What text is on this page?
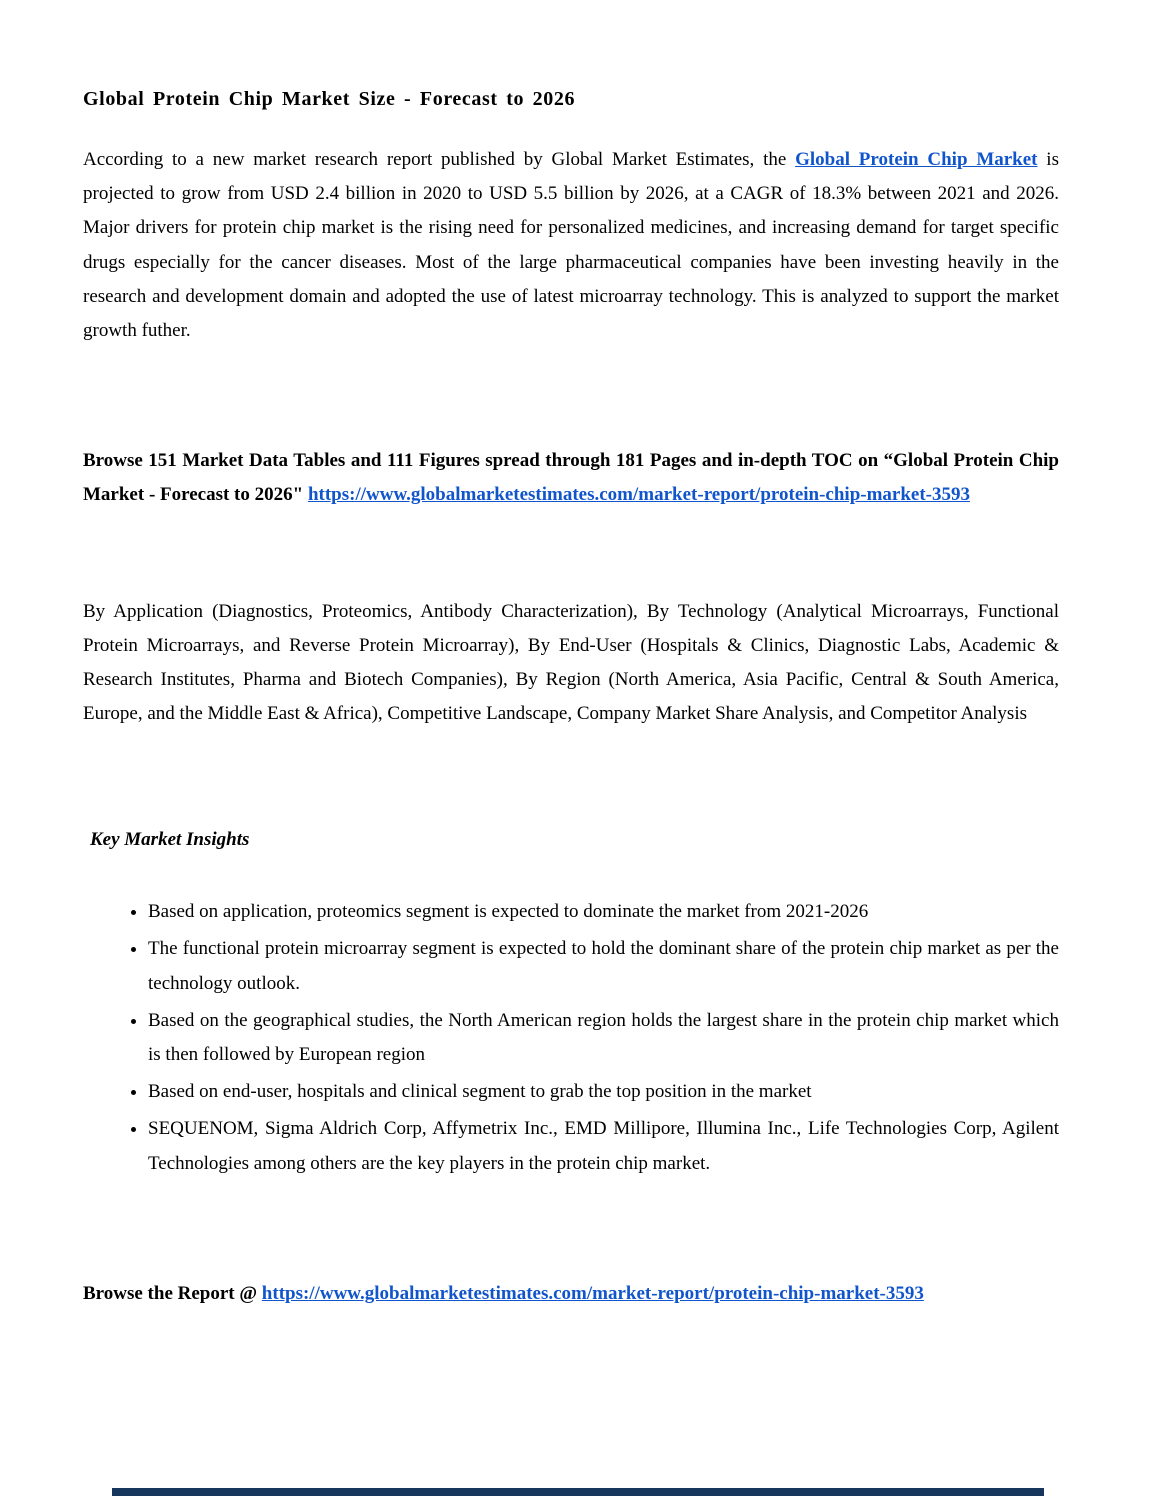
Global Protein Chip Market Size - Forecast to 2026

According to a new market research report published by Global Market Estimates, the Global Protein Chip Market is projected to grow from USD 2.4 billion in 2020 to USD 5.5 billion by 2026, at a CAGR of 18.3% between 2021 and 2026. Major drivers for protein chip market is the rising need for personalized medicines, and increasing demand for target specific drugs especially for the cancer diseases. Most of the large pharmaceutical companies have been investing heavily in the research and development domain and adopted the use of latest microarray technology. This is analyzed to support the market growth futher.

Browse 151 Market Data Tables and 111 Figures spread through 181 Pages and in-depth TOC on “Global Protein Chip Market - Forecast to 2026" https://www.globalmarketestimates.com/market-report/protein-chip-market-3593

By Application (Diagnostics, Proteomics, Antibody Characterization), By Technology (Analytical Microarrays, Functional Protein Microarrays, and Reverse Protein Microarray), By End-User (Hospitals & Clinics, Diagnostic Labs, Academic & Research Institutes, Pharma and Biotech Companies), By Region (North America, Asia Pacific, Central & South America, Europe, and the Middle East & Africa), Competitive Landscape, Company Market Share Analysis, and Competitor Analysis

Key Market Insights
• Based on application, proteomics segment is expected to dominate the market from 2021-2026
• The functional protein microarray segment is expected to hold the dominant share of the protein chip market as per the technology outlook.
• Based on the geographical studies, the North American region holds the largest share in the protein chip market which is then followed by European region
• Based on end-user, hospitals and clinical segment to grab the top position in the market
• SEQUENOM, Sigma Aldrich Corp, Affymetrix Inc., EMD Millipore, Illumina Inc., Life Technologies Corp, Agilent Technologies among others are the key players in the protein chip market.

Browse the Report @ https://www.globalmarketestimates.com/market-report/protein-chip-market-3593
